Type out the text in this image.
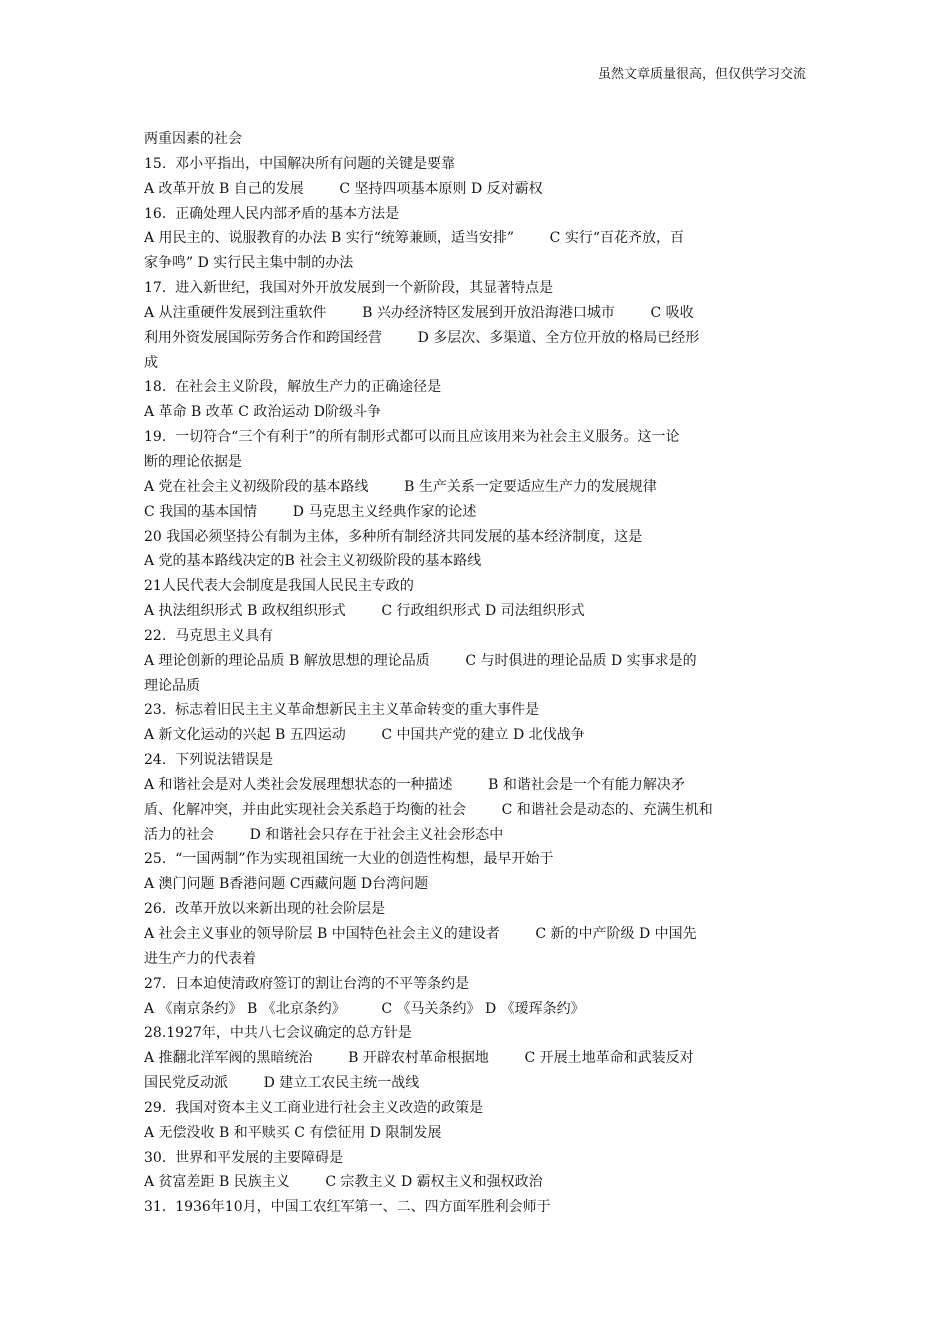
虽然文章质量很高，但仅供学习交流
两重因素的社会
15.  邓小平指出，中国解决所有问题的关键是要靠
A 改革开放 B 自己的发展        C 坚持四项基本原则 D 反对霸权
16.  正确处理人民内部矛盾的基本方法是
A 用民主的、说服教育的办法 B 实行“统筹兼顾，适当安排”        C 实行“百花齐放，百
家争鸣” D 实行民主集中制的办法
17.  进入新世纪，我国对外开放发展到一个新阶段，其显著特点是
A 从注重硬件发展到注重软件        B 兴办经济特区发展到开放沿海港口城市        C 吸收
利用外资发展国际劳务合作和跨国经营        D 多层次、多渠道、全方位开放的格局已经形
成
18.  在社会主义阶段，解放生产力的正确途径是
A 革命 B 改革 C 政治运动 D阶级斗争
19.  一切符合“三个有利于”的所有制形式都可以而且应该用来为社会主义服务。这一论
断的理论依据是
A 党在社会主义初级阶段的基本路线        B 生产关系一定要适应生产力的发展规律
C 我国的基本国情        D 马克思主义经典作家的论述
20 我国必须坚持公有制为主体，多种所有制经济共同发展的基本经济制度，这是
A 党的基本路线决定的B 社会主义初级阶段的基本路线
21人民代表大会制度是我国人民民主专政的
A 执法组织形式 B 政权组织形式        C 行政组织形式 D 司法组织形式
22.  马克思主义具有
A 理论创新的理论品质 B 解放思想的理论品质        C 与时俱进的理论品质 D 实事求是的
理论品质
23.  标志着旧民主主义革命想新民主主义革命转变的重大事件是
A 新文化运动的兴起 B 五四运动        C 中国共产党的建立 D 北伐战争
24.  下列说法错误是
A 和谐社会是对人类社会发展理想状态的一种描述        B 和谐社会是一个有能力解决矛
盾、化解冲突，并由此实现社会关系趋于均衡的社会        C 和谐社会是动态的、充满生机和
活力的社会        D 和谐社会只存在于社会主义社会形态中
25.  “一国两制”作为实现祖国统一大业的创造性构想，最早开始于
A 澳门问题 B香港问题 C西藏问题 D台湾问题
26.  改革开放以来新出现的社会阶层是
A 社会主义事业的领导阶层 B 中国特色社会主义的建设者        C 新的中产阶级 D 中国先
进生产力的代表着
27.  日本迫使清政府签订的割让台湾的不平等条约是
A 《南京条约》 B 《北京条约》        C 《马关条约》 D 《瑷珲条约》
28.1927年，中共八七会议确定的总方针是
A 推翻北洋军阀的黑暗统治        B 开辟农村革命根据地        C 开展土地革命和武装反对
国民党反动派        D 建立工农民主统一战线
29.  我国对资本主义工商业进行社会主义改造的政策是
A 无偿没收 B 和平赎买 C 有偿征用 D 限制发展
30.  世界和平发展的主要障碍是
A 贫富差距 B 民族主义        C 宗教主义 D 霸权主义和强权政治
31.  1936年10月，中国工农红军第一、二、四方面军胜利会师于
